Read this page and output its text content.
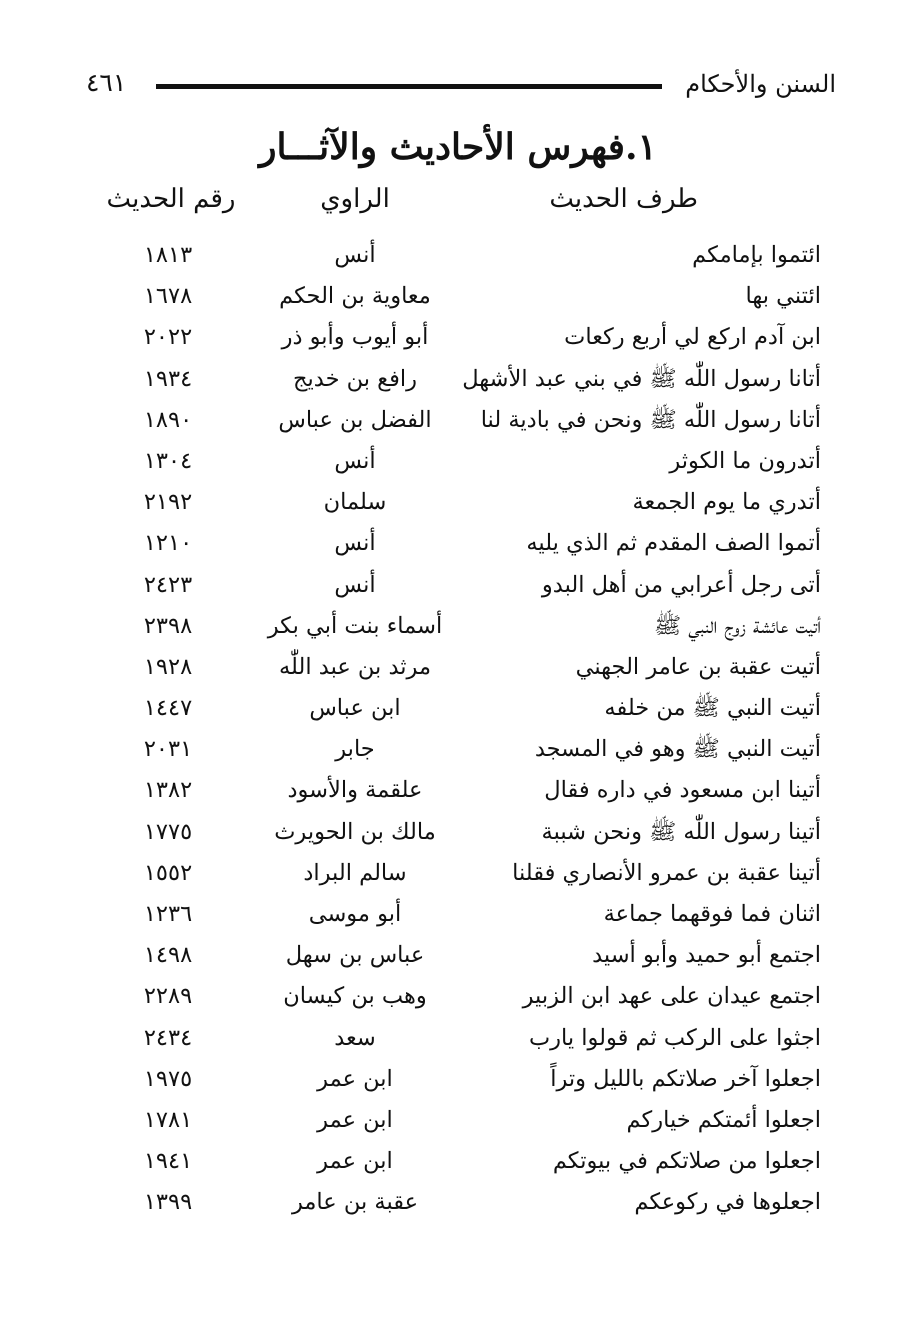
السنن والأحكام
٤٦١
١.فهرس الأحاديث والآثـــار
طرف الحديث
الراوي
رقم الحديث
ائتموا بإمامكم
أنس
١٨١٣
ائتني بها
معاوية بن الحكم
١٦٧٨
ابن آدم اركع لي أربع ركعات
أبو أيوب وأبو ذر
٢٠٢٢
أتانا رسول اللّٰه ﷺ في بني عبد الأشهل
رافع بن خديج
١٩٣٤
أتانا رسول اللّٰه ﷺ ونحن في بادية لنا
الفضل بن عباس
١٨٩٠
أتدرون ما الكوثر
أنس
١٣٠٤
أتدري ما يوم الجمعة
سلمان
٢١٩٢
أتموا الصف المقدم ثم الذي يليه
أنس
١٢١٠
أتى رجل أعرابي من أهل البدو
أنس
٢٤٢٣
أتيت عائشة زوج النبي ﷺ
أسماء بنت أبي بكر
٢٣٩٨
أتيت عقبة بن عامر الجهني
مرثد بن عبد اللّٰه
١٩٢٨
أتيت النبي ﷺ من خلفه
ابن عباس
١٤٤٧
أتيت النبي ﷺ وهو في المسجد
جابر
٢٠٣١
أتينا ابن مسعود في داره فقال
علقمة والأسود
١٣٨٢
أتينا رسول اللّٰه ﷺ ونحن شببة
مالك بن الحويرث
١٧٧٥
أتينا عقبة بن عمرو الأنصاري فقلنا
سالم البراد
١٥٥٢
اثنان فما فوقهما جماعة
أبو موسى
١٢٣٦
اجتمع أبو حميد وأبو أسيد
عباس بن سهل
١٤٩٨
اجتمع عيدان على عهد ابن الزبير
وهب بن كيسان
٢٢٨٩
اجثوا على الركب ثم قولوا يارب
سعد
٢٤٣٤
اجعلوا آخر صلاتكم بالليل وتراً
ابن عمر
١٩٧٥
اجعلوا أئمتكم خياركم
ابن عمر
١٧٨١
اجعلوا من صلاتكم في بيوتكم
ابن عمر
١٩٤١
اجعلوها في ركوعكم
عقبة بن عامر
١٣٩٩
